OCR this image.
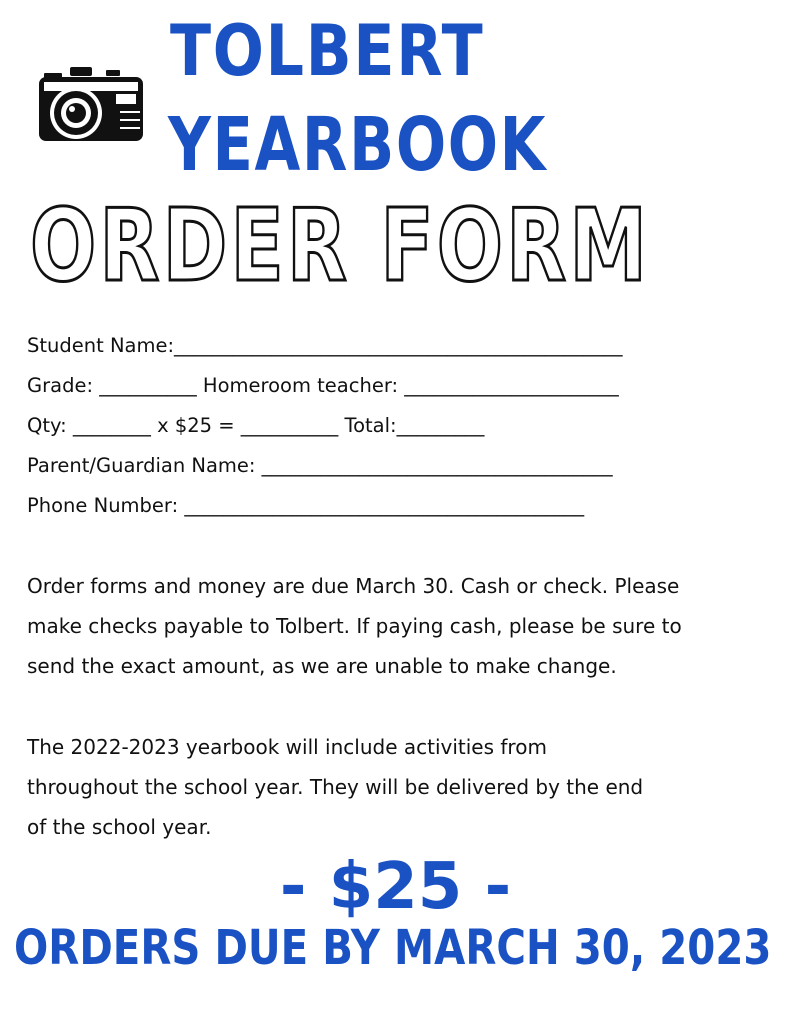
TOLBERT
YEARBOOK
ORDER FORM

Student Name:______________________________________________

Grade: __________ Homeroom teacher: ______________________

Qty: ________ x $25 = __________ Total:_________

Parent/Guardian Name: ____________________________________

Phone Number: _________________________________________

Order forms and money are due March 30. Cash or check. Please
make checks payable to Tolbert. If paying cash, please be sure to
send the exact amount, as we are unable to make change.

The 2022-2023 yearbook will include activities from
throughout the school year. They will be delivered by the end
of the school year.

- $25 -
ORDERS DUE BY MARCH 30, 2023
